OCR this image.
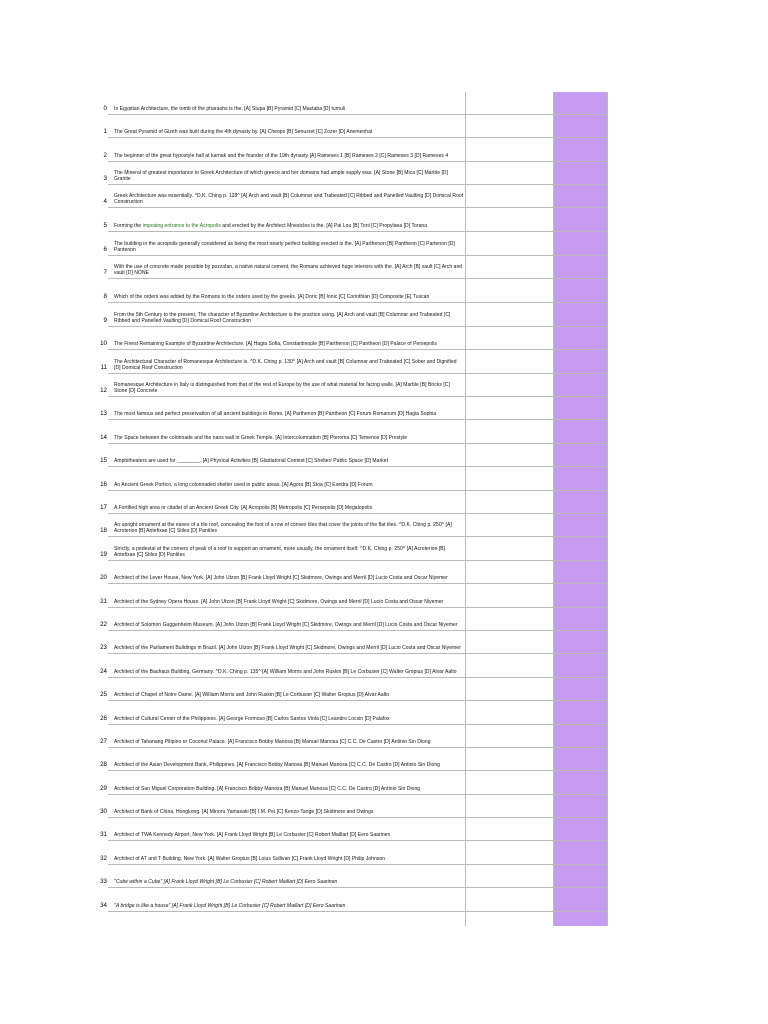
0 In Egyptian Architecture, the tomb of the pharaohs is the. [A] Stupa [B] Pyramid [C] Mastaba [D] tumuli
1 The Great Pyramid of Gizeh was built during the 4th dynasty by. [A] Cheops [B] Senusret [C] Zozer [D] Anemenhat
2 The beginner of the great hypostyle hall at karnak and the founder of the 19th dynasty [A] Rameses 1 [B] Rameses 2 [C] Rameses 3 [D] Rameses 4
3
The Mineral of greatest importance to Greek Architecture of which greece and her domains had ample supply was. [A] Stone [B] Mica [C] Marble [D] Granite
4
Greek Architecture was essentially. ^D.K. Ching p. 128^ [A] Arch and vault [B] Columnar and Trabeated [C] Ribbed and Panelled Vaulting [D] Domical Roof Construction
5 Forming the imposing entrance to the Acropolis and erected by the Architect Mnesicles is the. [A] Pai Lou [B] Torii [C] Propylaea [D] Torana
6
The building in the acropolis generally considered as being the most nearly perfect building erected is the. [A] Parthenon [B] Pantheon [C] Partenon [D] Pantenon
7
With the use of concrete made possible by pozzolan, a native natural cement, the Romans achieved huge interiors with the. [A] Arch [B] vault [C] Arch and vault [D] NONE
8 Which of the orders was added by the Romans to the orders used by the greeks. [A] Doric [B] Ionic [C] Corinthian [D] Composite [E] Tuscan
9
From the 5th Century to the present, The character of Byzantine Architecture is the practice using. [A] Arch and vault [B] Columnar and Trabeated [C] Ribbed and Panelled Vaulting [D] Domical Roof Construction
10 The Finest Remaining Example of Byzantine Architecture. [A] Hagia Sofia, Constantinople [B] Parthenon [C] Pantheon [D] Palace of Persepolis
11
The Architectural Character of Romanesque Architecture is. ^D.K. Ching p. 130^ [A] Arch and vault [B] Columnar and Trabeated [C] Sober and Dignified [D] Domical Roof Construction
12
Romanesque Architecture in Italy is distinguished from that of the rest of Europe by the use of what material for facing walls. [A] Marble [B] Bricks [C] Stone [D] Concrete
13 The most famous and perfect preservation of all ancient buildings in Rome. [A] Parthenon [B] Pantheon [C] Forum Romanum [D] Hagia Sophia
14 The Space between the colonnade and the naos wall in Greek Temple. [A] Intercolumnation [B] Pteroma [C] Temenos [D] Prostyle
15 Amphitheaters are used for ________. [A] Physical Activities [B] Gladiatorial Contest [C] Shelter/ Public Space [D] Market
16 An Ancient Greek Portico, a long colonnaded shelter used in public areas. [A] Agora [B] Stoa [C] Exedra [D] Forum
17 A Fortified high area or citadel of an Ancient Greek City. [A] Acropolis [B] Metropolis [C] Persepolis [D] Megalopolis
18
An upright ornament at the eaves of a tile roof, concealing the foot of a row of convex tiles that cover the joints of the flat tiles. ^D.K. Ching p. 250^ [A] Acroterion [B] Antefixae [C] Stiles [D] Pantiles
19
Strictly, a pedestal at the corners of peak of a roof to support an ornament, more usually, the ornament itself. ^D.K. Ching p. 250^ [A] Acroterion [B] Antefixae [C] Stiles [D] Pantiles
20 Architect of the Lever House, New York. [A] John Utzon [B] Frank Lloyd Wright [C] Skidmore, Owings and Merril [D] Lucio Costa and Oscar Niyemer
21 Architect of the Sydney Opera House. [A] John Utzon [B] Frank Lloyd Wright [C] Skidmore, Owings and Merril [D] Lucio Costa and Oscar Niyemer
22 Architect of Solomon Guggenheim Museum. [A] John Utzon [B] Frank Lloyd Wright [C] Skidmore, Owings and Merril [D] Lucio Costa and Oscar Niyemer
23 Architect of the Parliament Buildings in Brazil. [A] John Utzon [B] Frank Lloyd Wright [C] Skidmore, Owings and Merril [D] Lucio Costa and Oscar Niyemer
24 Architect of the Bauhaus Building, Germany. ^D.K. Ching p. 135^ [A] William Morris and John Ruskin [B] Le Corbusier [C] Walter Gropius [D] Alvar Aalto
25 Architect of Chapel of Notre Dame. [A] William Morris and John Ruskin [B] Le Corbusier [C] Walter Gropius [D] Alvar Aalto
26 Architect of Cultural Center of the Philippines. [A] George Formoso [B] Carlos Santos Viola [C] Leandro Locsin [D] Palafox
27 Architect of Tahanang Pilipino or Coconut Palace. [A] Francisco Bobby Manosa [B] Manuel Manosa [C] C.C. De Castro [D] Antinio Sin Diong
28 Architect of the Asian Development Bank, Philippines. [A] Francisco Bobby Manosa [B] Manuel Manosa [C] C.C. De Castro [D] Antinio Sin Diong
29 Architect of San Miguel Corporation Building. [A] Francisco Bobby Manosa [B] Manuel Manosa [C] C.C. De Castro [D] Antinio Sin Diong
30 Architect of Bank of China, Hongkong. [A] Minoru Yamasaki [B] I.M. Pei [C] Kenzo Tange [D] Skidmore and Owings
31 Architect of TWA Kennedy Airport, New York. [A] Frank Lloyd Wright [B] Le Corbusier [C] Robert Maillart [D] Eero Saarinen
32 Architect of AT and T Building, New York. [A] Walter Gropius [B] Loius Sullivan [C] Frank Lloyd Wright [D] Philip Johnson
33 "Cube within a Cube" [A] Frank Lloyd Wright [B] Le Corbusier [C] Robert Maillart [D] Eero Saarinen
34 "A bridge is like a house" [A] Frank Lloyd Wright [B] Le Corbusier [C] Robert Maillart [D] Eero Saarinen
